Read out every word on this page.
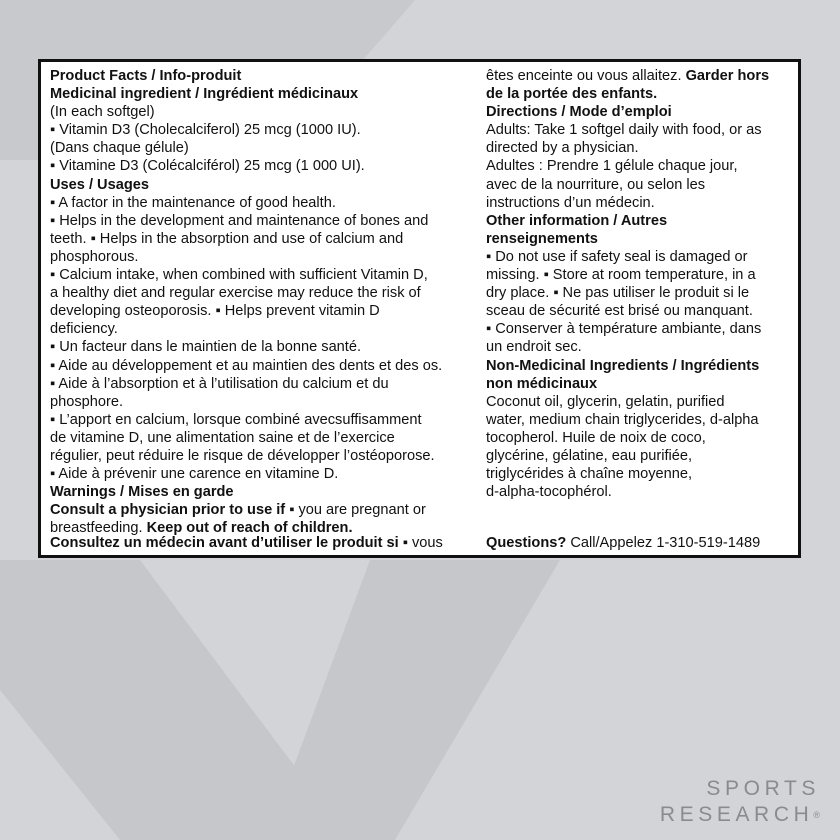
Product Facts / Info-produit
Medicinal ingredient / Ingrédient médicinaux
(In each softgel)
▪ Vitamin D3 (Cholecalciferol) 25 mcg (1000 IU).
(Dans chaque gélule)
▪ Vitamine D3 (Colécalciférol) 25 mcg (1 000 UI).
Uses / Usages
▪ A factor in the maintenance of good health.
▪ Helps in the development and maintenance of bones and
teeth. ▪ Helps in the absorption and use of calcium and
phosphorous.
▪ Calcium intake, when combined with sufficient Vitamin D,
a healthy diet and regular exercise may reduce the risk of
developing osteoporosis. ▪ Helps prevent vitamin D
deficiency.
▪ Un facteur dans le maintien de la bonne santé.
▪ Aide au développement et au maintien des dents et des os.
▪ Aide à l’absorption et à l’utilisation du calcium et du
phosphore.
▪ L’apport en calcium, lorsque combiné avecsuffisamment
de vitamine D, une alimentation saine et de l’exercice
régulier, peut réduire le risque de développer l’ostéoporose.
▪ Aide à prévenir une carence en vitamine D.
Warnings / Mises en garde
Consult a physician prior to use if ▪ you are pregnant or
breastfeeding. Keep out of reach of children.
êtes enceinte ou vous allaitez. Garder hors
de la portée des enfants.
Directions / Mode d’emploi
Adults: Take 1 softgel daily with food, or as
directed by a physician.
Adultes : Prendre 1 gélule chaque jour,
avec de la nourriture, ou selon les
instructions d’un médecin.
Other information / Autres
renseignements
▪ Do not use if safety seal is damaged or
missing. ▪ Store at room temperature, in a
dry place. ▪ Ne pas utiliser le produit si le
sceau de sécurité est brisé ou manquant.
▪ Conserver à température ambiante, dans
un endroit sec.
Non-Medicinal Ingredients / Ingrédients
non médicinaux
Coconut oil, glycerin, gelatin, purified
water, medium chain triglycerides, d-alpha
tocopherol. Huile de noix de coco,
glycérine, gélatine, eau purifiée,
triglycérides à chaîne moyenne,
d-alpha-tocophérol.
Consultez un médecin avant d’utiliser le produit si ▪ vous	Questions? Call/Appelez 1-310-519-1489
SPORTS
RESEARCH®
